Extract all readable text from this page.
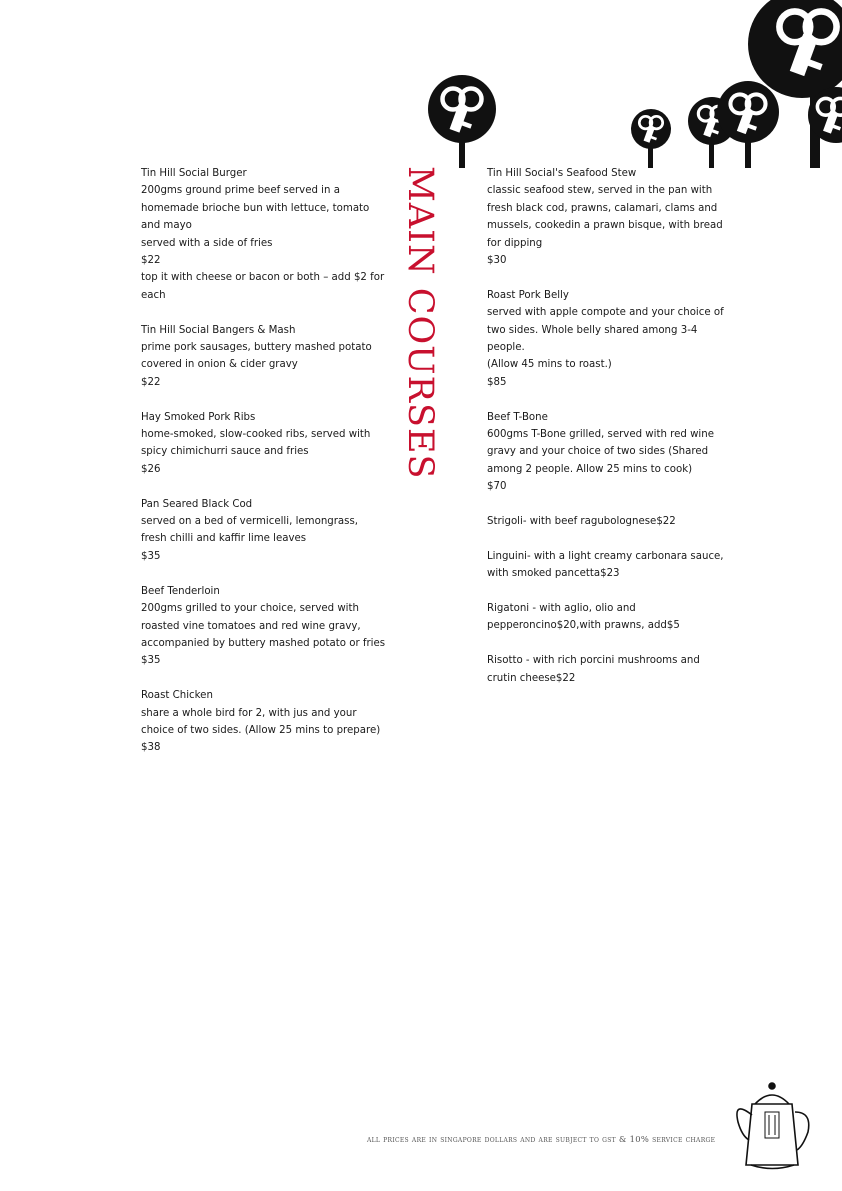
MAIN COURSES
Tin Hill Social Burger
200gms ground prime beef served in a homemade brioche bun with lettuce, tomato and mayo
served with a side of fries
$22
top it with cheese or bacon or both – add $2 for each
Tin Hill Social Bangers & Mash
prime pork sausages, buttery mashed potato covered in onion & cider gravy
$22
Hay Smoked Pork Ribs
home-smoked, slow-cooked ribs, served with spicy chimichurri sauce and fries
$26
Pan Seared Black Cod
served on a bed of vermicelli, lemongrass, fresh chilli and kaffir lime leaves
$35
Beef Tenderloin
200gms grilled to your choice, served with roasted vine tomatoes and red wine gravy,
accompanied by buttery mashed potato or fries
$35
Roast Chicken
share a whole bird for 2, with jus and your choice of two sides. (Allow 25 mins to prepare)
$38
Tin Hill Social's Seafood Stew
classic seafood stew, served in the pan with fresh black cod, prawns, calamari, clams and mussels, cookedin a prawn bisque, with bread for dipping
$30
Roast Pork Belly
served with apple compote and your choice of two sides. Whole belly shared among 3-4 people.
(Allow 45 mins to roast.)
$85
Beef T-Bone
600gms T-Bone grilled, served with red wine gravy and your choice of two sides (Shared among 2 people. Allow 25 mins to cook)
$70
Strigoli- with beef ragubolognese$22
Linguini- with a light creamy carbonara sauce, with smoked pancetta$23
Rigatoni - with aglio, olio and pepperoncino$20,with prawns, add$5
Risotto - with rich porcini mushrooms and crutin cheese$22
all prices are in singapore dollars and are subject to gst & 10% service charge
